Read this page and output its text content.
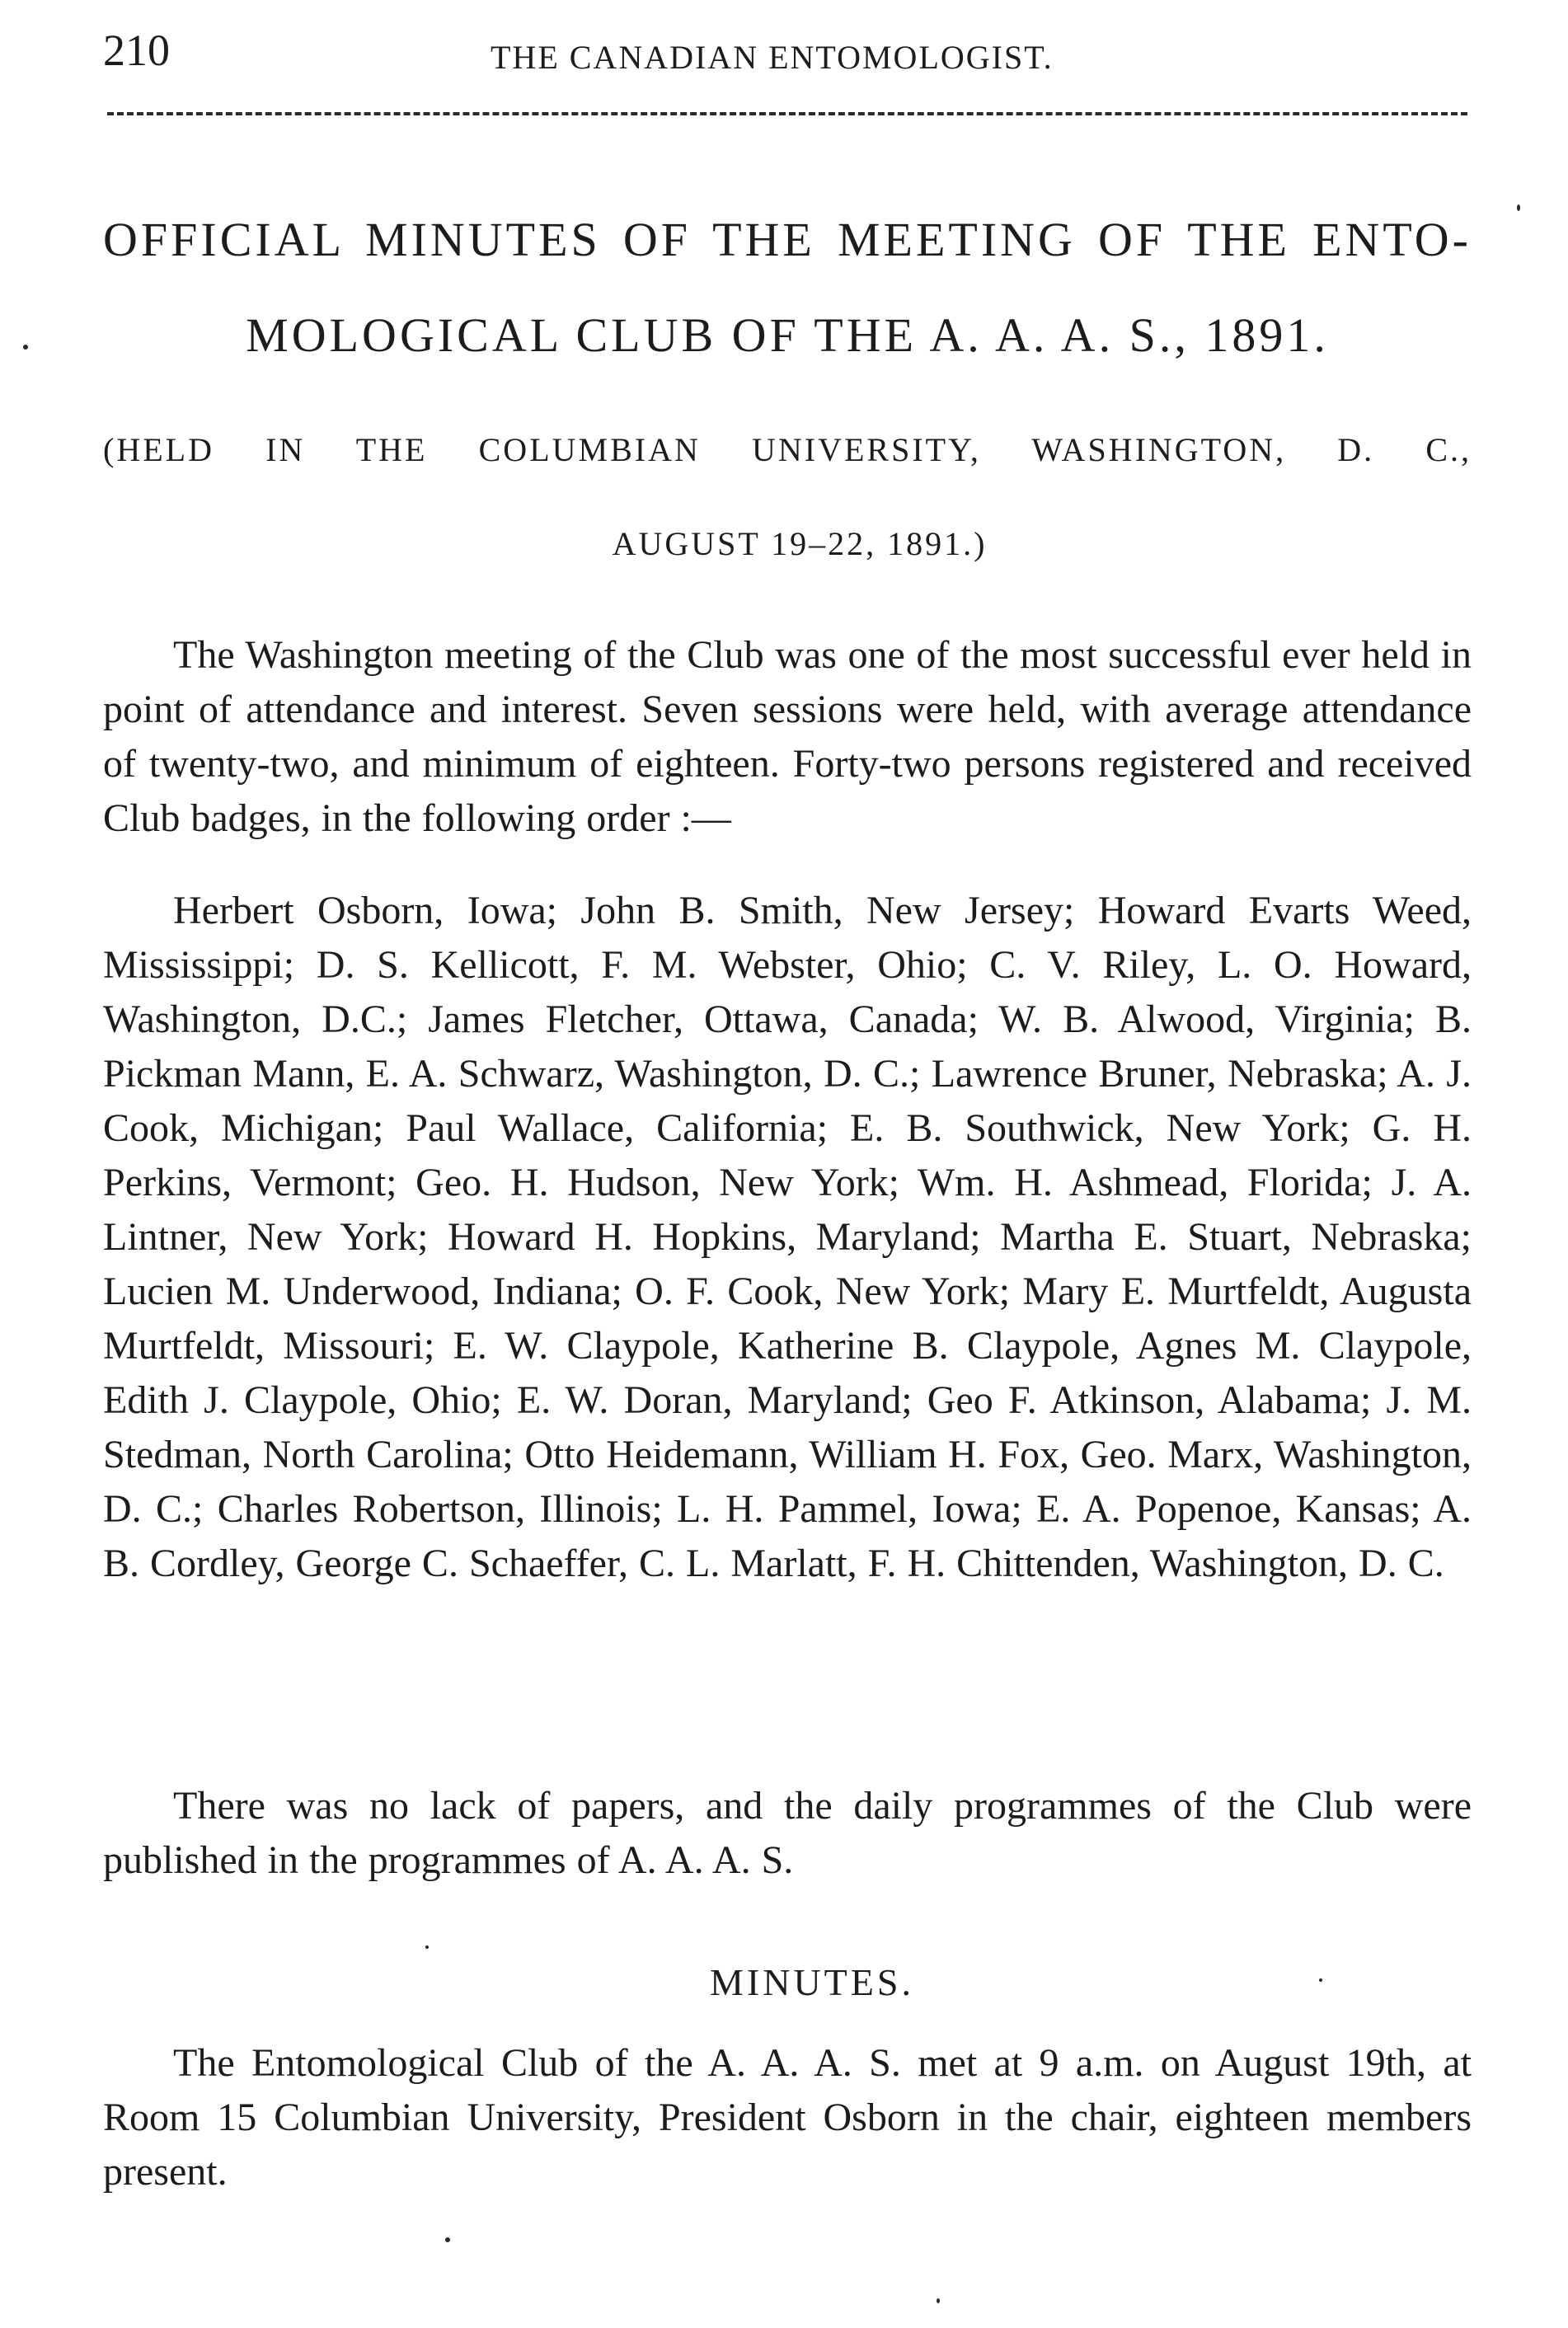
210	THE CANADIAN ENTOMOLOGIST.
OFFICIAL MINUTES OF THE MEETING OF THE ENTO-
MOLOGICAL CLUB OF THE A. A. A. S., 1891.
(HELD IN THE COLUMBIAN UNIVERSITY, WASHINGTON, D. C.,
AUGUST 19–22, 1891.)

The Washington meeting of the Club was one of the most successful ever held in point of attendance and interest. Seven sessions were held, with average attendance of twenty-two, and minimum of eighteen. Forty-two persons registered and received Club badges, in the following order :—

Herbert Osborn, Iowa; John B. Smith, New Jersey; Howard Evarts Weed, Mississippi; D. S. Kellicott, F. M. Webster, Ohio; C. V. Riley, L. O. Howard, Washington, D.C.; James Fletcher, Ottawa, Canada; W. B. Alwood, Virginia; B. Pickman Mann, E. A. Schwarz, Washington, D. C.; Lawrence Bruner, Nebraska; A. J. Cook, Michigan; Paul Wallace, California; E. B. Southwick, New York; G. H. Perkins, Vermont; Geo. H. Hudson, New York; Wm. H. Ashmead, Florida; J. A. Lintner, New York; Howard H. Hopkins, Maryland; Martha E. Stuart, Nebraska; Lucien M. Underwood, Indiana; O. F. Cook, New York; Mary E. Murtfeldt, Augusta Murtfeldt, Missouri; E. W. Claypole, Katherine B. Claypole, Agnes M. Claypole, Edith J. Claypole, Ohio; E. W. Doran, Maryland; Geo F. Atkinson, Alabama; J. M. Stedman, North Carolina; Otto Heidemann, William H. Fox, Geo. Marx, Washington, D. C.; Charles Robertson, Illinois; L. H. Pammel, Iowa; E. A. Popenoe, Kansas; A. B. Cordley, George C. Schaeffer, C. L. Marlatt, F. H. Chittenden, Washington, D. C.

There was no lack of papers, and the daily programmes of the Club were published in the programmes of A. A. A. S.

MINUTES.

The Entomological Club of the A. A. A. S. met at 9 a.m. on August 19th, at Room 15 Columbian University, President Osborn in the chair, eighteen members present.
